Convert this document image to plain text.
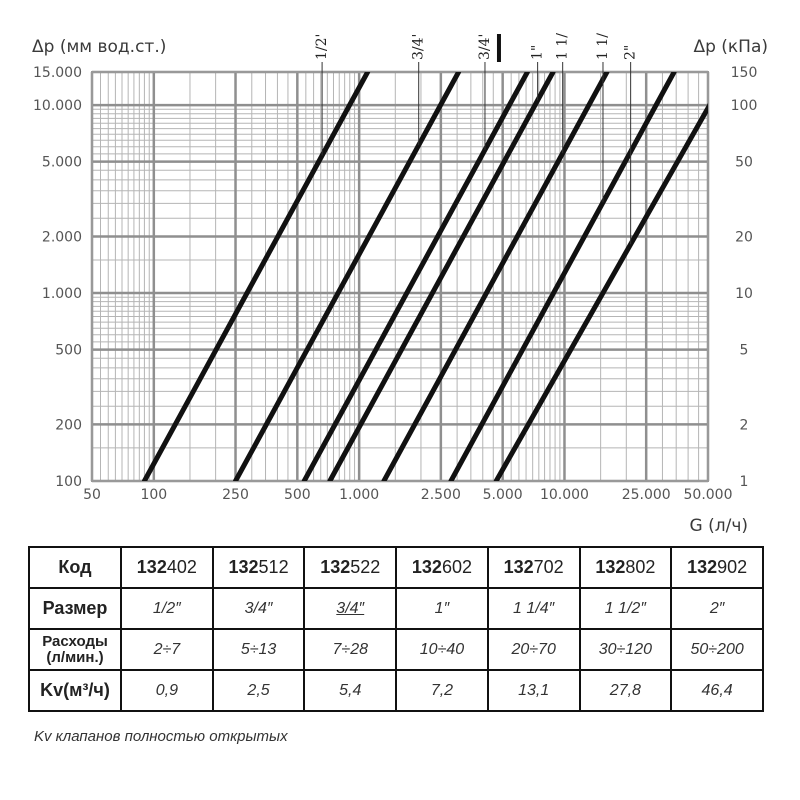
1/2'	3/4'	3/4'	1" 1 1/ 1 1/ 2"
100
200
500
1.000
2.000
5.000
10.000
15.000
1
2
5
10
20
50
100
150
50	100	250	500 1.000	2.500 5.000 10.000 25.000 50.000
Δp (мм вод.ст.)	Δp (кПа)
G (л/ч)
Код	132402	132512	132522	132602	132702	132802	132902
Размер	1/2″	3/4″	3/4″	1″	1 1/4″	1 1/2″	2″
Расходы
(л/мин.)	2÷7	5÷13	7÷28	10÷40	20÷70	30÷120	50÷200
Kv(м³/ч)	0,9	2,5	5,4	7,2	13,1	27,8	46,4
Kv клапанов полностью открытых
